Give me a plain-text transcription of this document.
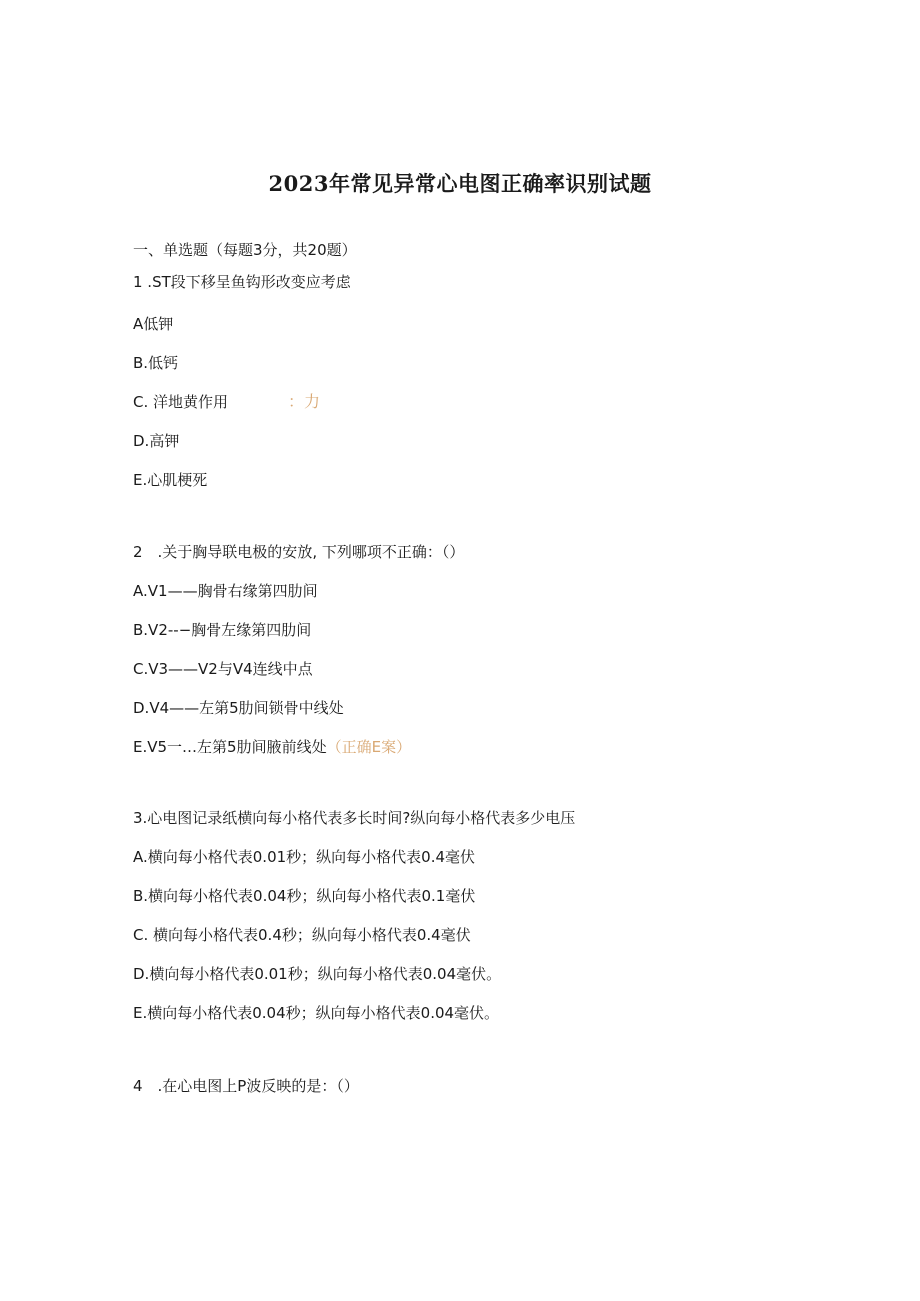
2023年常见异常心电图正确率识别试题
一、单选题（每题3分，共20题）
1 .ST段下移呈鱼钩形改变应考虑
A低钾
B.低钙
C. 洋地黄作用	：力
D.高钾
E.心肌梗死
2　.关于胸导联电极的安放, 下列哪项不正确：（）
A.V1——胸骨右缘第四肋间
B.V2--−胸骨左缘第四肋间
C.V3——V2与V4连线中点
D.V4——左第5肋间锁骨中线处
E.V5一…左第5肋间腋前线处（正确E案）
3.心电图记录纸横向每小格代表多长时间?纵向每小格代表多少电压
A.横向每小格代表0.01秒；纵向每小格代表0.4毫伏
B.横向每小格代表0.04秒；纵向每小格代表0.1毫伏
C. 横向每小格代表0.4秒；纵向每小格代表0.4毫伏
D.横向每小格代表0.01秒；纵向每小格代表0.04毫伏。
E.横向每小格代表0.04秒；纵向每小格代表0.04毫伏。
4　.在心电图上P波反映的是：（）
